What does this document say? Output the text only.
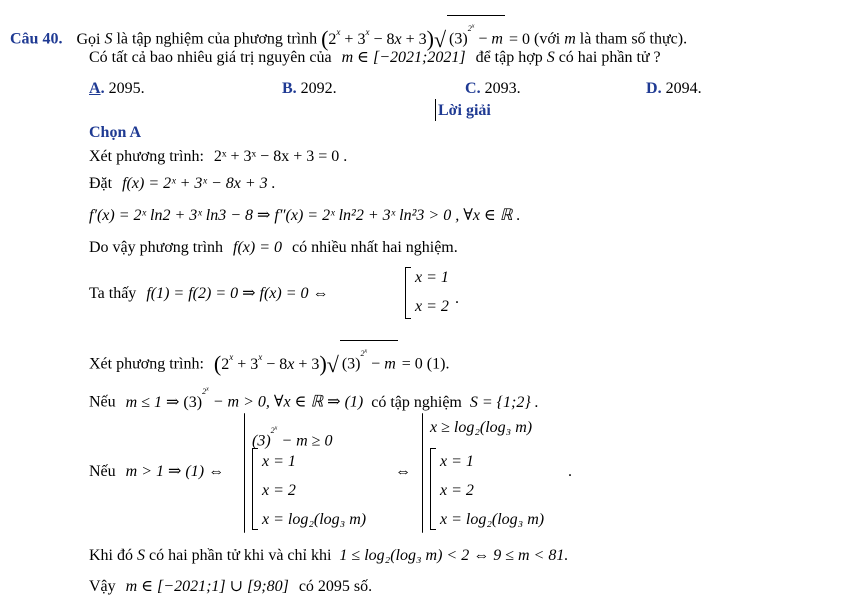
Câu 40. Gọi S là tập nghiệm của phương trình $(2^x + 3^x - 8x + 3)√$ $(3)^{2^x} - m = 0$ (với m là tham số thực).
Có tất cả bao nhiêu giá trị nguyên của m ∈ [−2021;2021] để tập hợp S có hai phần tử ?
A. 2095.	B. 2092.	C. 2093.	D. 2094.
Lời giải
Chọn A
Xét phương trình: 2ˣ + 3ˣ − 8x + 3 = 0 .
Đặt f(x) = 2ˣ + 3ˣ − 8x + 3 .
f′(x) = 2ˣ ln2 + 3ˣ ln3 − 8 ⇒ f″(x) = 2ˣ ln²2 + 3ˣ ln²3 > 0 , ∀x ∈ ℝ .
Do vậy phương trình f(x) = 0 có nhiều nhất hai nghiệm.
Ta thấy f(1) = f(2) = 0 ⇒ f(x) = 0 ⇔
x = 1
x = 2 .
Xét phương trình: $(2^x + 3^x - 8x + 3)√$ $(3)^{2^x} - m = 0$ (1).
Nếu m ≤ 1 ⇒ $(3)^{2^x} - m > 0$, ∀x ∈ ℝ ⇒ (1) có tập nghiệm S = {1;2} .
Nếu m > 1 ⇒ (1) ⇔
$(3)^{2^x} - m \ge 0$
x = 1
x = 2
x = log₂(log₃ m)
⇔
x ≥ log₂(log₃ m)
x = 1
x = 2
x = log₂(log₃ m)
.
Khi đó S có hai phần tử khi và chỉ khi 1 ≤ log₂(log₃ m) < 2 ⇔ 9 ≤ m < 81.
Vậy m ∈ [−2021;1] ∪ [9;80] có 2095 số.
